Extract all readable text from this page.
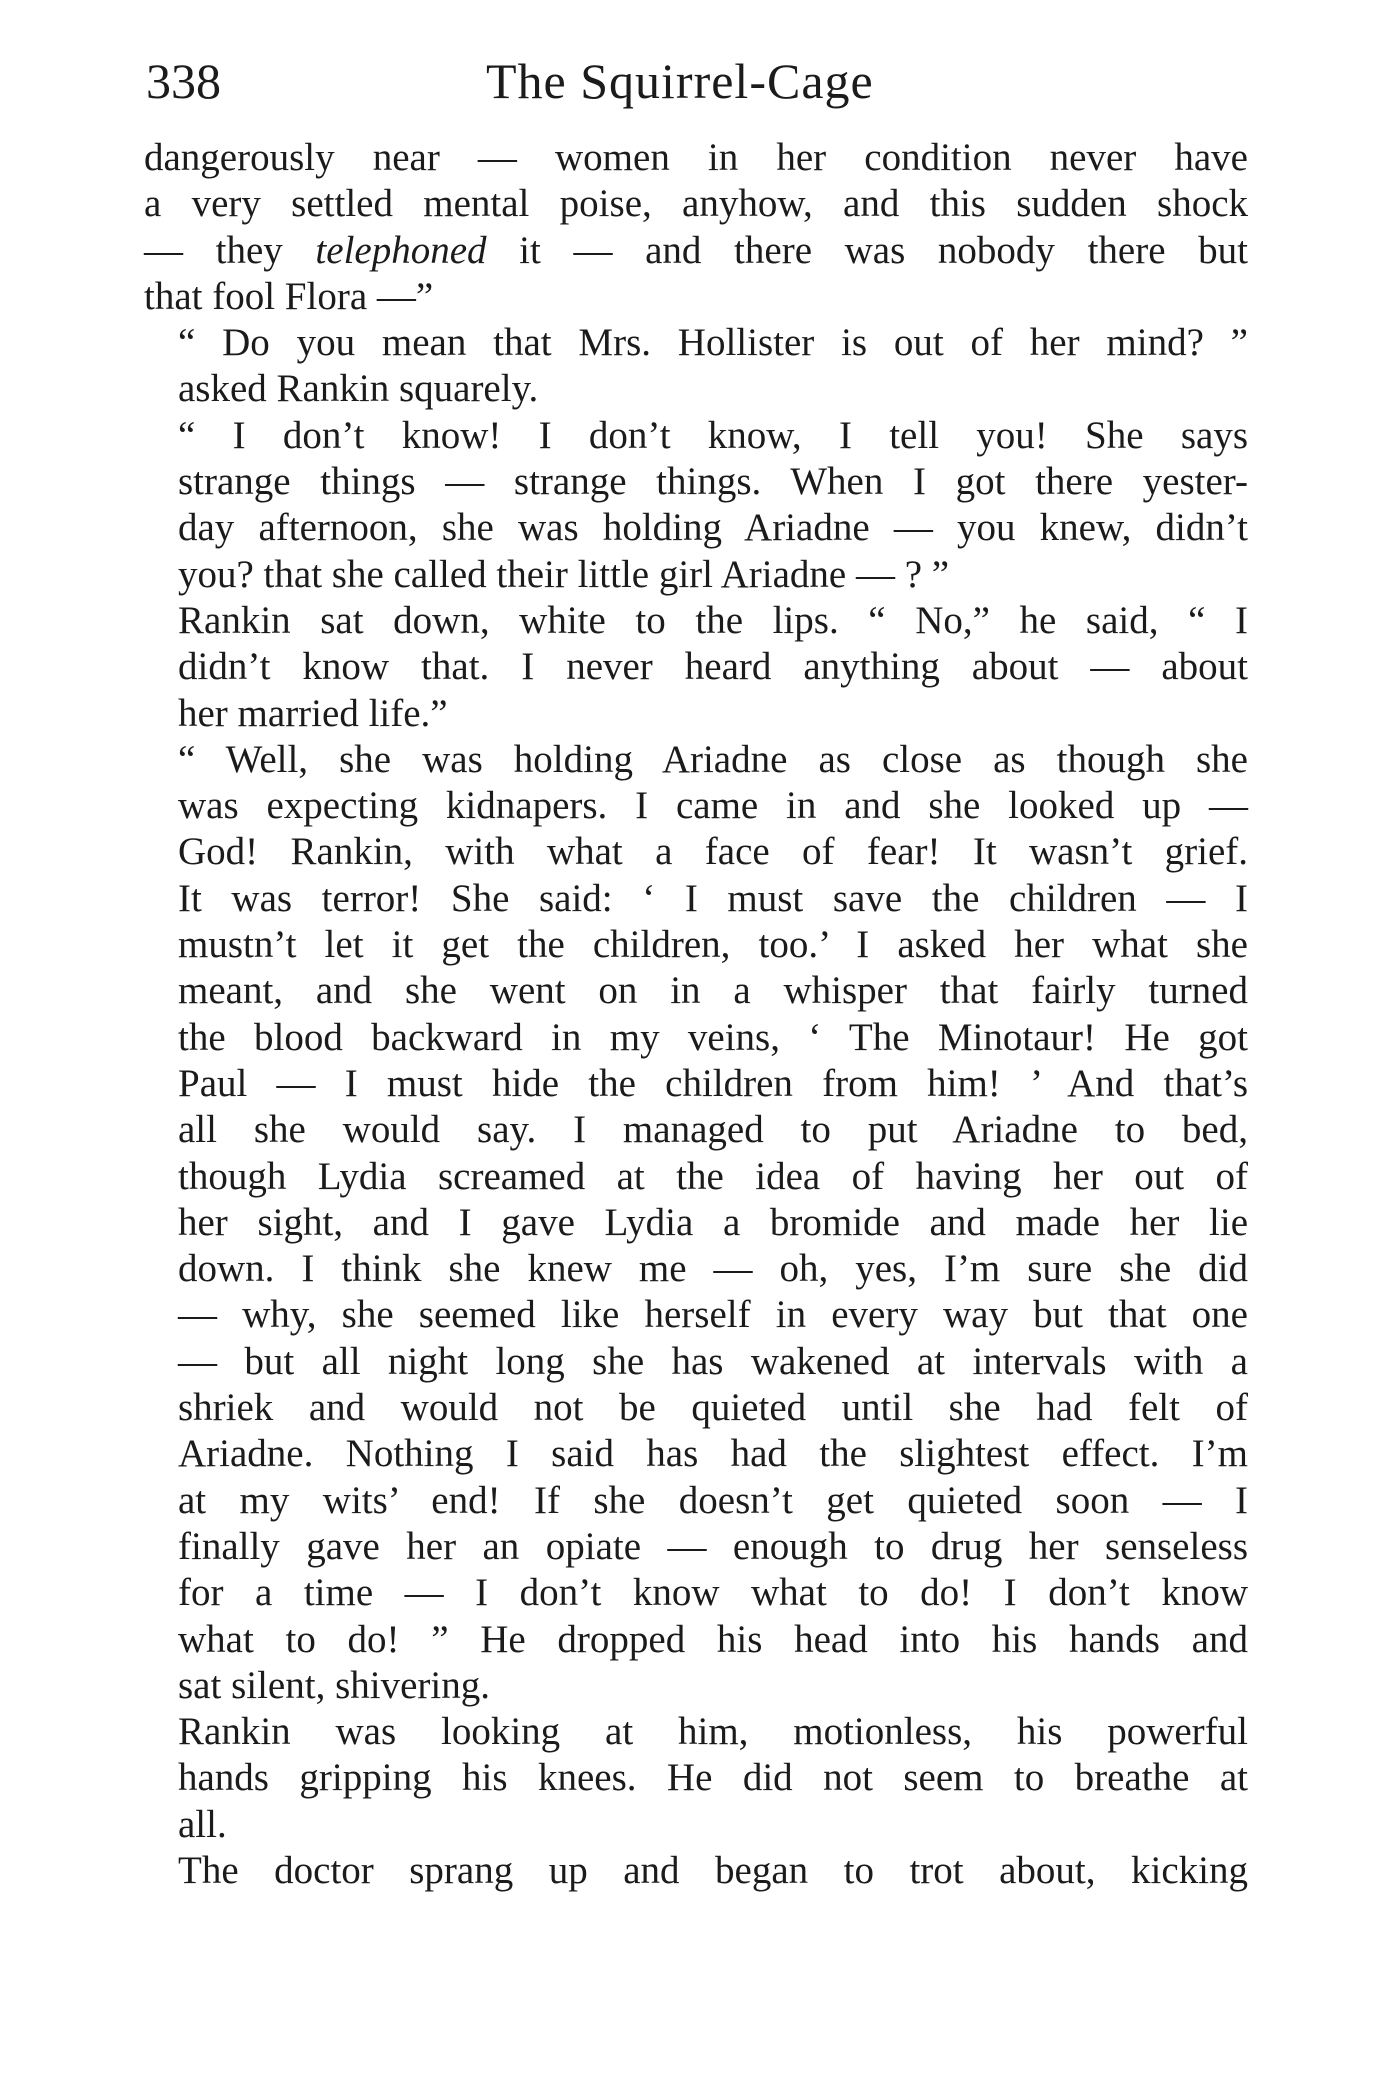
338	The Squirrel-Cage

dangerously near — women in her condition never have
a very settled mental poise, anyhow, and this sudden shock
— they telephoned it — and there was nobody there but
that fool Flora —”

“ Do you mean that Mrs. Hollister is out of her mind? ”
asked Rankin squarely.

“ I don’t know! I don’t know, I tell you! She says
strange things — strange things. When I got there yester-
day afternoon, she was holding Ariadne — you knew, didn’t
you? that she called their little girl Ariadne — ? ”

Rankin sat down, white to the lips. “ No,” he said, “ I
didn’t know that. I never heard anything about — about
her married life.”

“ Well, she was holding Ariadne as close as though she
was expecting kidnapers. I came in and she looked up —
God! Rankin, with what a face of fear! It wasn’t grief.
It was terror! She said: ‘ I must save the children — I
mustn’t let it get the children, too.’ I asked her what she
meant, and she went on in a whisper that fairly turned
the blood backward in my veins, ‘ The Minotaur! He got
Paul — I must hide the children from him! ’ And that’s
all she would say. I managed to put Ariadne to bed,
though Lydia screamed at the idea of having her out of
her sight, and I gave Lydia a bromide and made her lie
down. I think she knew me — oh, yes, I’m sure she did
— why, she seemed like herself in every way but that one
— but all night long she has wakened at intervals with a
shriek and would not be quieted until she had felt of
Ariadne. Nothing I said has had the slightest effect. I’m
at my wits’ end! If she doesn’t get quieted soon — I
finally gave her an opiate — enough to drug her senseless
for a time — I don’t know what to do! I don’t know
what to do! ” He dropped his head into his hands and
sat silent, shivering.

Rankin was looking at him, motionless, his powerful
hands gripping his knees. He did not seem to breathe at
all.

The doctor sprang up and began to trot about, kicking
